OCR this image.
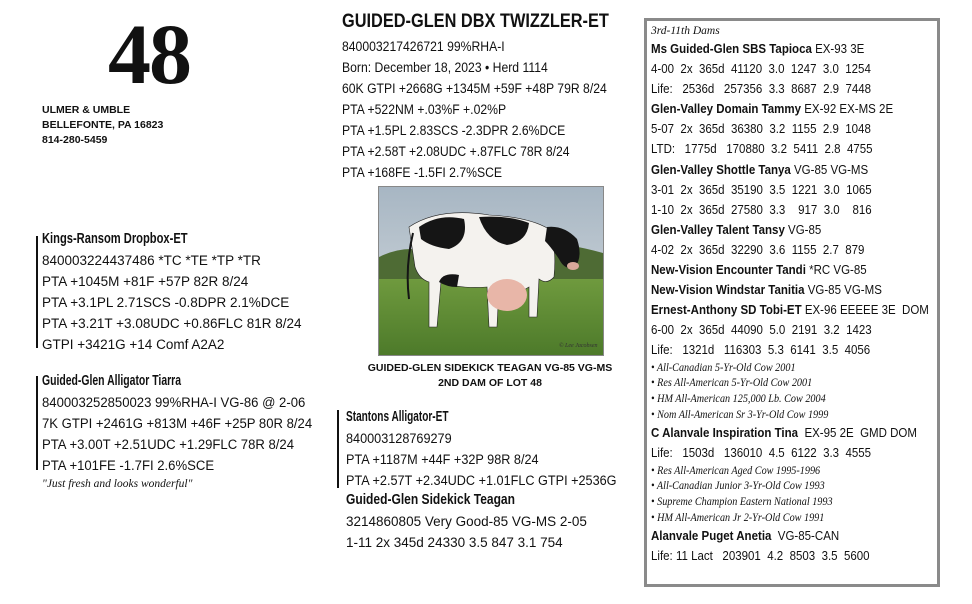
48
ULMER & UMBLE
BELLEFONTE, PA 16823
814-280-5459
GUIDED-GLEN DBX TWIZZLER-ET
840003217426721 99%RHA-I
Born: December 18, 2023 • Herd 1114
60K GTPI +2668G +1345M +59F +48P 79R 8/24
PTA +522NM +.03%F +.02%P
PTA +1.5PL 2.83SCS -2.3DPR 2.6%DCE
PTA +2.58T +2.08UDC +.87FLC 78R 8/24
PTA +168FE -1.5FI 2.7%SCE
© Lee Jacobsen
GUIDED-GLEN SIDEKICK TEAGAN VG-85 VG-MS
2ND DAM OF LOT 48
Kings-Ransom Dropbox-ET
840003224437486 *TC *TE *TP *TR
PTA +1045M +81F +57P 82R 8/24
PTA +3.1PL 2.71SCS -0.8DPR 2.1%DCE
PTA +3.21T +3.08UDC +0.86FLC 81R 8/24
GTPI +3421G +14 Comf A2A2
Guided-Glen Alligator Tiarra
840003252850023 99%RHA-I VG-86 @ 2-06
7K GTPI +2461G +813M +46F +25P 80R 8/24
PTA +3.00T +2.51UDC +1.29FLC 78R 8/24
PTA +101FE -1.7FI 2.6%SCE
"Just fresh and looks wonderful"
Stantons Alligator-ET
840003128769279
PTA +1187M +44F +32P 98R 8/24
PTA +2.57T +2.34UDC +1.01FLC GTPI +2536G
Guided-Glen Sidekick Teagan
3214860805 Very Good-85 VG-MS 2-05
1-11 2x 345d 24330 3.5 847 3.1 754
3rd-11th Dams
Ms Guided-Glen SBS Tapioca EX-93 3E
4-00  2x  365d  41120  3.0  1247  3.0  1254
Life:   2536d   257356  3.3  8687  2.9  7448
Glen-Valley Domain Tammy EX-92 EX-MS 2E
5-07  2x  365d  36380  3.2  1155  2.9  1048
LTD:   1775d   170880  3.2  5411  2.8  4755
Glen-Valley Shottle Tanya VG-85 VG-MS
3-01  2x  365d  35190  3.5  1221  3.0  1065
1-10  2x  365d  27580  3.3    917  3.0    816
Glen-Valley Talent Tansy VG-85
4-02  2x  365d  32290  3.6  1155  2.7  879
New-Vision Encounter Tandi *RC VG-85
New-Vision Windstar Tanitia VG-85 VG-MS
Ernest-Anthony SD Tobi-ET EX-96 EEEEE 3E  DOM
6-00  2x  365d  44090  5.0  2191  3.2  1423
Life:   1321d   116303  5.3  6141  3.5  4056
• All-Canadian 5-Yr-Old Cow 2001
• Res All-American 5-Yr-Old Cow 2001
• HM All-American 125,000 Lb. Cow 2004
• Nom All-American Sr 3-Yr-Old Cow 1999
C Alanvale Inspiration Tina  EX-95 2E  GMD DOM
Life:   1503d   136010  4.5  6122  3.3  4555
• Res All-American Aged Cow 1995-1996
• All-Canadian Junior 3-Yr-Old Cow 1993
• Supreme Champion Eastern National 1993
• HM All-American Jr 2-Yr-Old Cow 1991
Alanvale Puget Anetia  VG-85-CAN
Life: 11 Lact   203901  4.2  8503  3.5  5600
